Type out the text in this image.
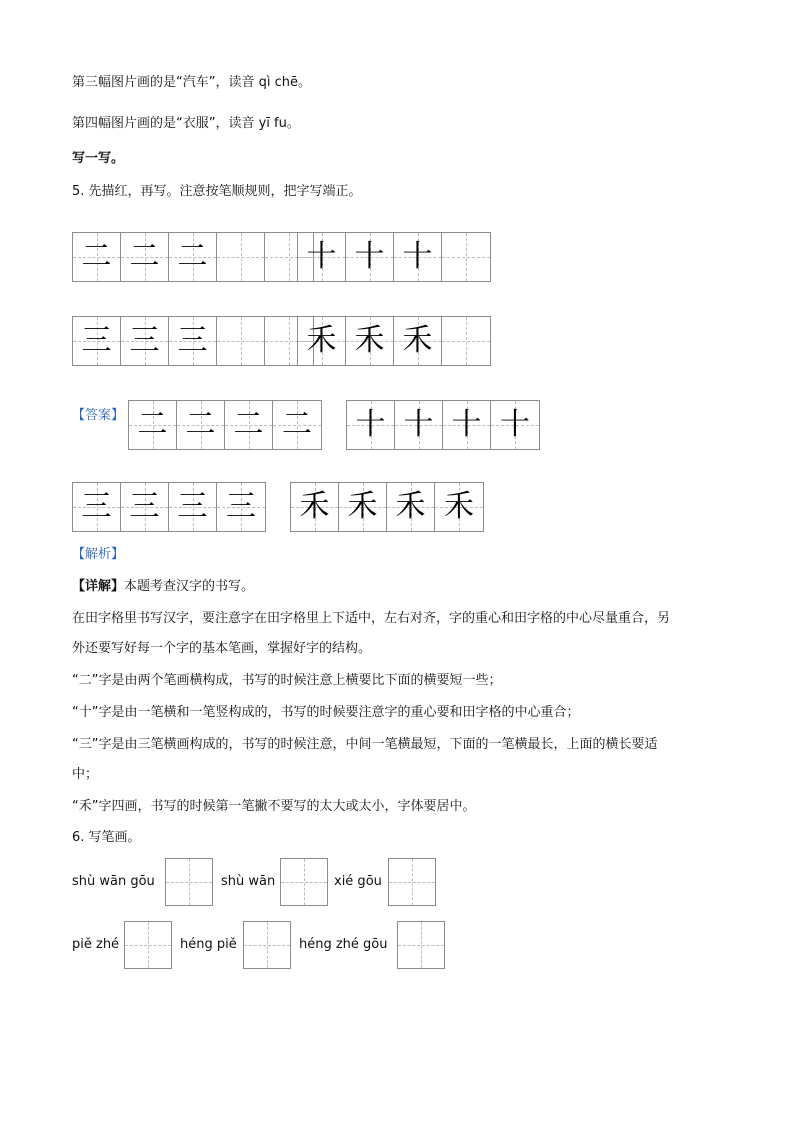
第三幅图片画的是“汽车”，读音 qì chē。
第四幅图片画的是“衣服”，读音 yī fu。
写一写。
5. 先描红，再写。注意按笔顺规则，把字写端正。
二 二 二	十 十 十
三 三 三	禾 禾 禾
【答案】 二 二 二 二 十 十 十 十
三 三 三 三 禾 禾 禾 禾
【解析】
【详解】本题考查汉字的书写。
在田字格里书写汉字，要注意字在田字格里上下适中，左右对齐，字的重心和田字格的中心尽量重合，另
外还要写好每一个字的基本笔画，掌握好字的结构。
“二”字是由两个笔画横构成，书写的时候注意上横要比下面的横要短一些；
“十”字是由一笔横和一笔竖构成的，书写的时候要注意字的重心要和田字格的中心重合；
“三”字是由三笔横画构成的，书写的时候注意，中间一笔横最短，下面的一笔横最长，上面的横长要适
中；
“禾”字四画，书写的时候第一笔撇不要写的太大或太小，字体要居中。
6. 写笔画。
shù wān gōu	shù wān	xié gōu
piě zhé	héng piě	héng zhé gōu
